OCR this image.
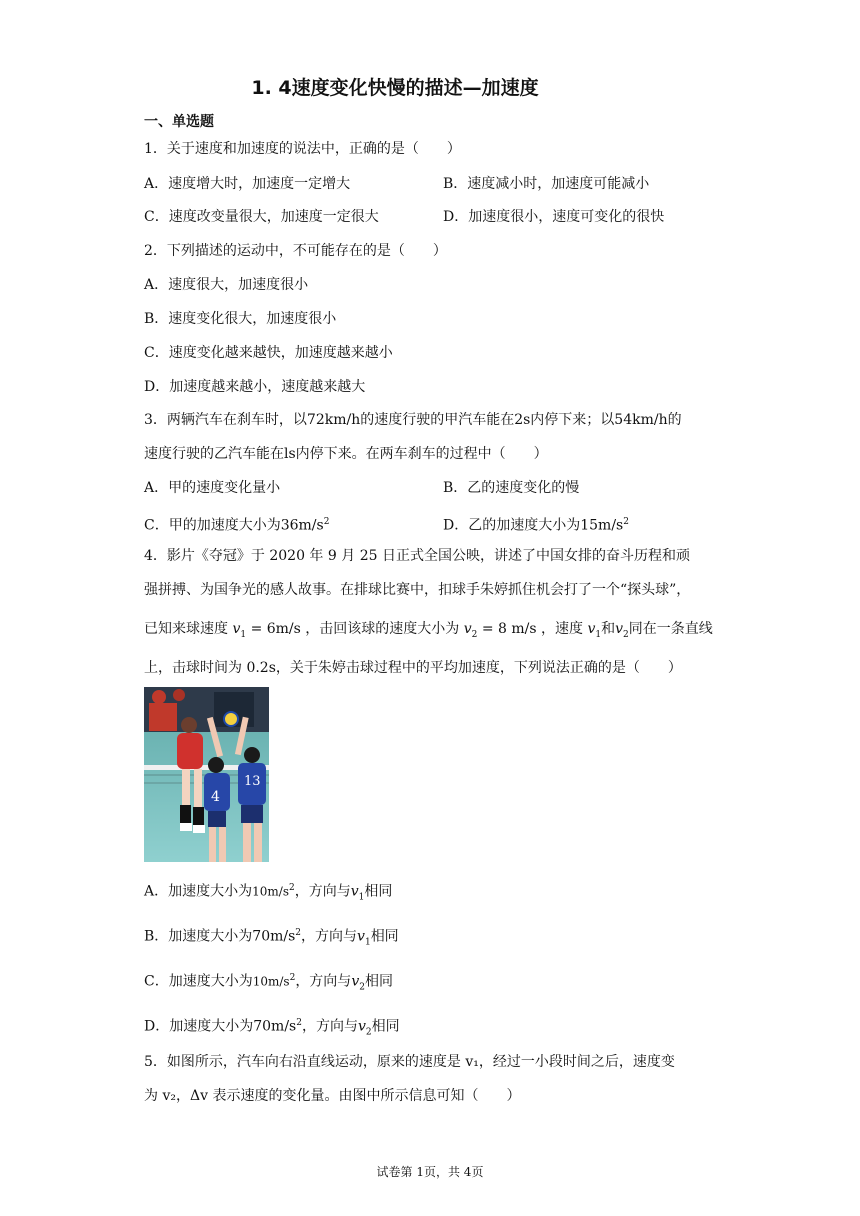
1. 4速度变化快慢的描述—加速度
一、单选题
1．关于速度和加速度的说法中，正确的是（　　）
A．速度增大时，加速度一定增大	B．速度减小时，加速度可能减小
C．速度改变量很大，加速度一定很大	D．加速度很小，速度可变化的很快
2．下列描述的运动中，不可能存在的是（　　）
A．速度很大，加速度很小
B．速度变化很大，加速度很小
C．速度变化越来越快，加速度越来越小
D．加速度越来越小，速度越来越大
3．两辆汽车在刹车时，以72km/h的速度行驶的甲汽车能在2s内停下来；以54km/h的
速度行驶的乙汽车能在ls内停下来。在两车刹车的过程中（　　）
A．甲的速度变化量小	B．乙的速度变化的慢
C．甲的加速度大小为$36m/s^2$	D．乙的加速度大小为$15m/s^2$
4．影片《夺冠》于 2020 年 9 月 25 日正式全国公映，讲述了中国女排的奋斗历程和顽
强拼搏、为国争光的感人故事。在排球比赛中，扣球手朱婷抓住机会打了一个“探头球”，
已知来球速度 $v_1 = 6m/s$ ，击回该球的速度大小为 $v_2 = 8$ m/s ，速度 $v_1$和$v_2$同在一条直线
上，击球时间为 0.2s，关于朱婷击球过程中的平均加速度，下列说法正确的是（　　）
4
13
A．加速度大小为$10m/s^2$，方向与$v_1$相同
B．加速度大小为$70m/s^2$，方向与$v_1$相同
C．加速度大小为$10m/s^2$，方向与$v_2$相同
D．加速度大小为$70m/s^2$，方向与$v_2$相同
5．如图所示，汽车向右沿直线运动，原来的速度是 v₁，经过一小段时间之后，速度变
为 v₂，Δv 表示速度的变化量。由图中所示信息可知（　　）
试卷第 1页，共 4页
